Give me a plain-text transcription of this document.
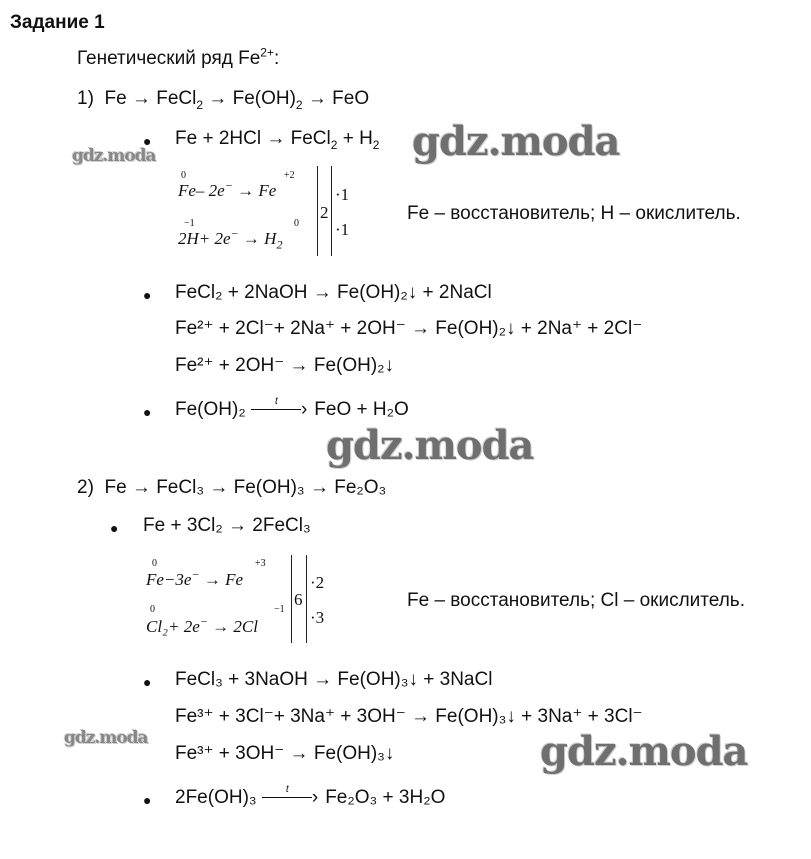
Задание 1
Генетический ряд $Fe^{2+}$:
1) Fe → FeCl$_2$ → $Fe(OH)_2$ → FeO
● Fe + 2HCl → FeCl$_2$ + $H_2$
0	+2
Fe– 2e− → Fe
−1	0
$2H+ 2e^- \to H_2$
2
·1
·1
Fe – восстановитель; H – окислитель.
● FeCl₂ + 2NaOH → Fe(OH)₂↓ + 2NaCl
Fe²⁺ + 2Cl⁻+ 2Na⁺ + 2OH⁻ → Fe(OH)₂↓ + 2Na⁺ + 2Cl⁻
Fe²⁺ + 2OH⁻ → Fe(OH)₂↓
● Fe(OH)₂	t › FeO + H₂O
2) Fe → FeCl₃ → Fe(OH)₃ → Fe₂O₃
● Fe + 3Cl₂ → 2FeCl₃
0	+3
Fe−3e− → Fe
0	−1
Cl₂+ 2e− → 2Cl
6
·2
·3
Fe – восстановитель; Cl – окислитель.
● FeCl₃ + 3NaOH → Fe(OH)₃↓ + 3NaCl
Fe³⁺ + 3Cl⁻+ 3Na⁺ + 3OH⁻ → Fe(OH)₃↓ + 3Na⁺ + 3Cl⁻
Fe³⁺ + 3OH⁻ → Fe(OH)₃↓
● 2Fe(OH)₃	t › Fe₂O₃ + 3H₂O
gdz.moda
gdz.moda
gdz.moda
gdz.moda	gdz.moda
